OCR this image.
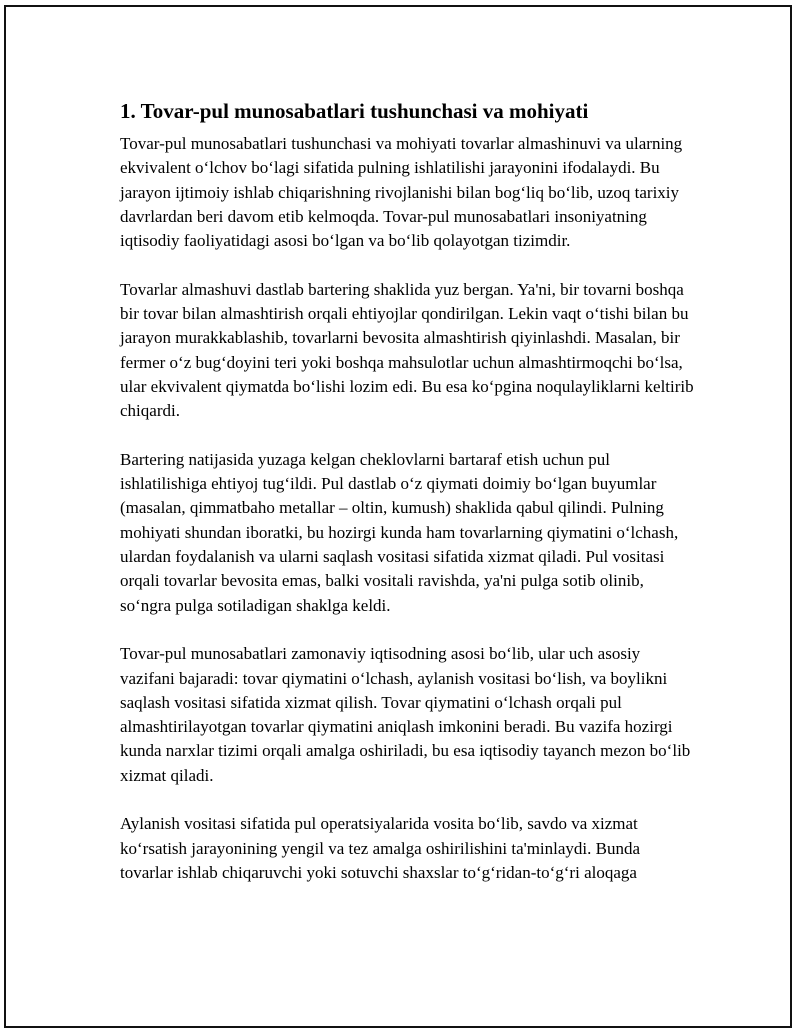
1. Tovar-pul munosabatlari tushunchasi va mohiyati

Tovar-pul munosabatlari tushunchasi va mohiyati tovarlar almashinuvi va ularning ekvivalent o‘lchov bo‘lagi sifatida pulning ishlatilishi jarayonini ifodalaydi. Bu jarayon ijtimoiy ishlab chiqarishning rivojlanishi bilan bog‘liq bo‘lib, uzoq tarixiy davrlardan beri davom etib kelmoqda. Tovar-pul munosabatlari insoniyatning iqtisodiy faoliyatidagi asosi bo‘lgan va bo‘lib qolayotgan tizimdir.

Tovarlar almashuvi dastlab bartering shaklida yuz bergan. Ya'ni, bir tovarni boshqa bir tovar bilan almashtirish orqali ehtiyojlar qondirilgan. Lekin vaqt o‘tishi bilan bu jarayon murakkablashib, tovarlarni bevosita almashtirish qiyinlashdi. Masalan, bir fermer o‘z bug‘doyini teri yoki boshqa mahsulotlar uchun almashtirmoqchi bo‘lsa, ular ekvivalent qiymatda bo‘lishi lozim edi. Bu esa ko‘pgina noqulayliklarni keltirib chiqardi.

Bartering natijasida yuzaga kelgan cheklovlarni bartaraf etish uchun pul ishlatilishiga ehtiyoj tug‘ildi. Pul dastlab o‘z qiymati doimiy bo‘lgan buyumlar (masalan, qimmatbaho metallar – oltin, kumush) shaklida qabul qilindi. Pulning mohiyati shundan iboratki, bu hozirgi kunda ham tovarlarning qiymatini o‘lchash, ulardan foydalanish va ularni saqlash vositasi sifatida xizmat qiladi. Pul vositasi orqali tovarlar bevosita emas, balki vositali ravishda, ya'ni pulga sotib olinib, so‘ngra pulga sotiladigan shaklga keldi.

Tovar-pul munosabatlari zamonaviy iqtisodning asosi bo‘lib, ular uch asosiy vazifani bajaradi: tovar qiymatini o‘lchash, aylanish vositasi bo‘lish, va boylikni saqlash vositasi sifatida xizmat qilish. Tovar qiymatini o‘lchash orqali pul almashtirilayotgan tovarlar qiymatini aniqlash imkonini beradi. Bu vazifa hozirgi kunda narxlar tizimi orqali amalga oshiriladi, bu esa iqtisodiy tayanch mezon bo‘lib xizmat qiladi.

Aylanish vositasi sifatida pul operatsiyalarida vosita bo‘lib, savdo va xizmat ko‘rsatish jarayonining yengil va tez amalga oshirilishini ta'minlaydi. Bunda tovarlar ishlab chiqaruvchi yoki sotuvchi shaxslar to‘g‘ridan-to‘g‘ri aloqaga
